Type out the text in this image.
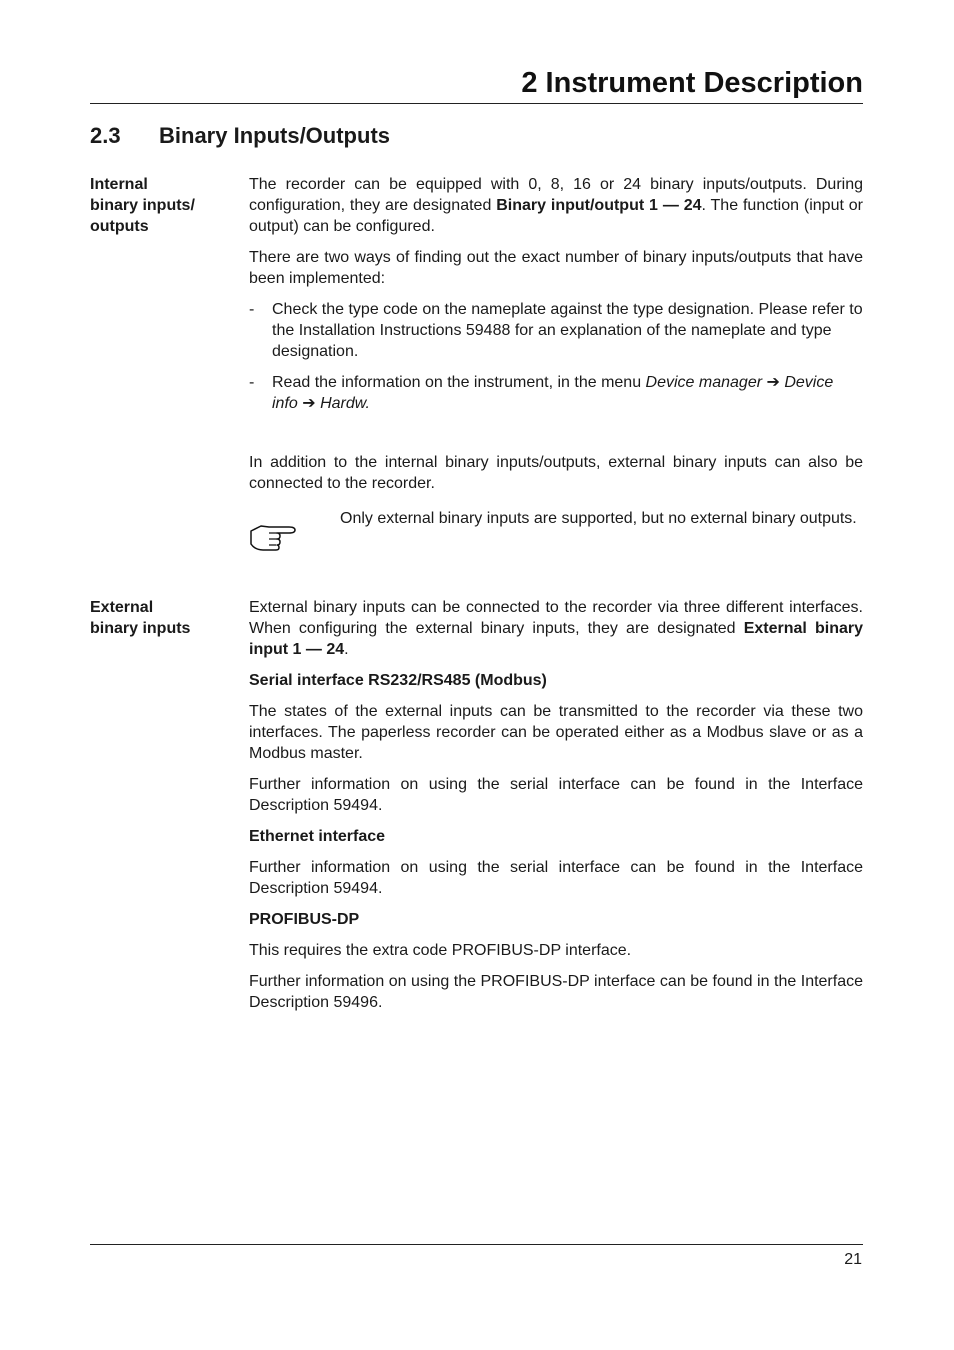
2 Instrument Description
2.3 Binary Inputs/Outputs
Internal
binary inputs/
outputs

The recorder can be equipped with 0, 8, 16 or 24 binary inputs/outputs. During configuration, they are designated Binary input/output 1 — 24. The function (input or output) can be configured.

There are two ways of finding out the exact number of binary inputs/outputs that have been implemented:

- Check the type code on the nameplate against the type designation. Please refer to the Installation Instructions 59488 for an explanation of the nameplate and type designation.
- Read the information on the instrument, in the menu Device manager ➔ Device info ➔ Hardw.

In addition to the internal binary inputs/outputs, external binary inputs can also be connected to the recorder.

Only external binary inputs are supported, but no external binary outputs.
External
binary inputs

External binary inputs can be connected to the recorder via three different interfaces. When configuring the external binary inputs, they are designated External binary input 1 — 24.

Serial interface RS232/RS485 (Modbus)

The states of the external inputs can be transmitted to the recorder via these two interfaces. The paperless recorder can be operated either as a Modbus slave or as a Modbus master.

Further information on using the serial interface can be found in the Interface Description 59494.

Ethernet interface

Further information on using the serial interface can be found in the Interface Description 59494.

PROFIBUS-DP

This requires the extra code PROFIBUS-DP interface.

Further information on using the PROFIBUS-DP interface can be found in the Interface Description 59496.

21
